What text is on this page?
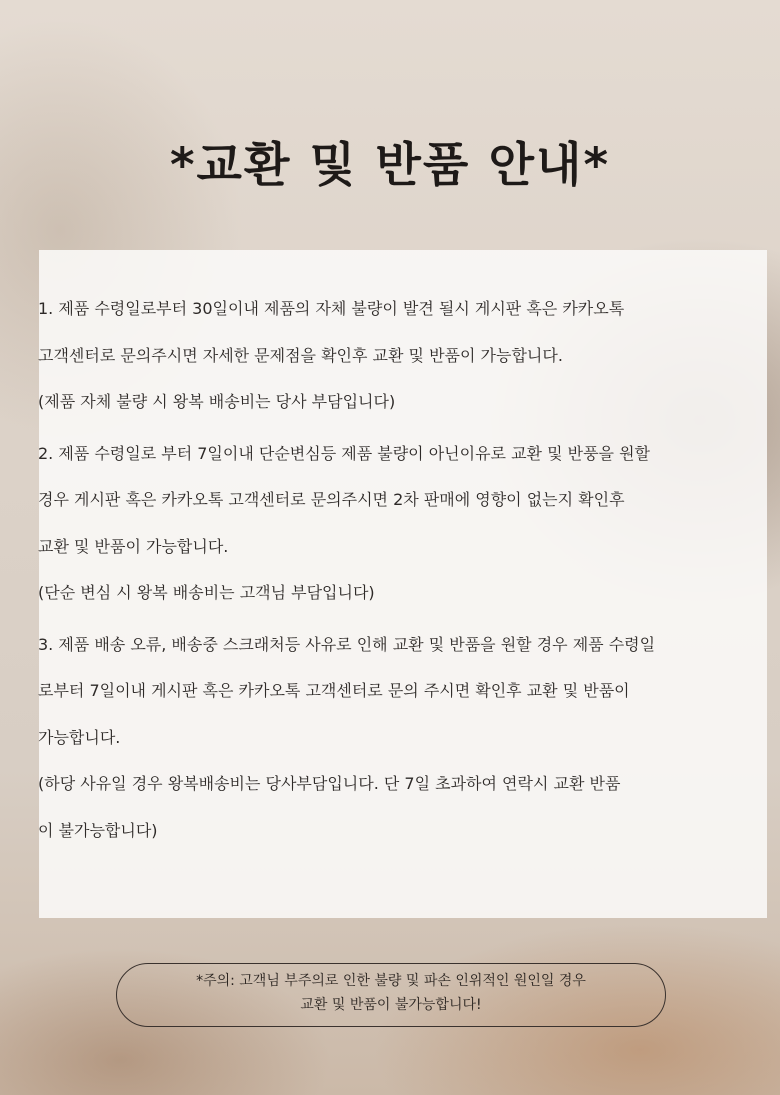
*교환 및 반품 안내*
1. 제품 수령일로부터 30일이내 제품의 자체 불량이 발견 될시 게시판 혹은 카카오톡
고객센터로 문의주시면 자세한 문제점을 확인후 교환 및 반품이 가능합니다.
(제품 자체 불량 시 왕복 배송비는 당사 부담입니다)
2. 제품 수령일로 부터 7일이내 단순변심등 제품 불량이 아닌이유로 교환 및 반풍을 원할
경우 게시판 혹은 카카오톡 고객센터로 문의주시면 2차 판매에 영향이 없는지 확인후
교환 및 반품이 가능합니다.
(단순 변심 시 왕복 배송비는 고객님 부담입니다)
3. 제품 배송 오류, 배송중 스크래처등 사유로 인해 교환 및 반품을 원할 경우 제품 수령일
로부터 7일이내 게시판 혹은 카카오톡 고객센터로 문의 주시면 확인후 교환 및 반품이
가능합니다.
(하당 사유일 경우 왕복배송비는 당사부담입니다. 단 7일 초과하여 연락시 교환 반품
이 불가능합니다)
*주의: 고객님 부주의로 인한 불량 및 파손 인위적인 원인일 경우
교환 및 반품이 불가능합니다!
